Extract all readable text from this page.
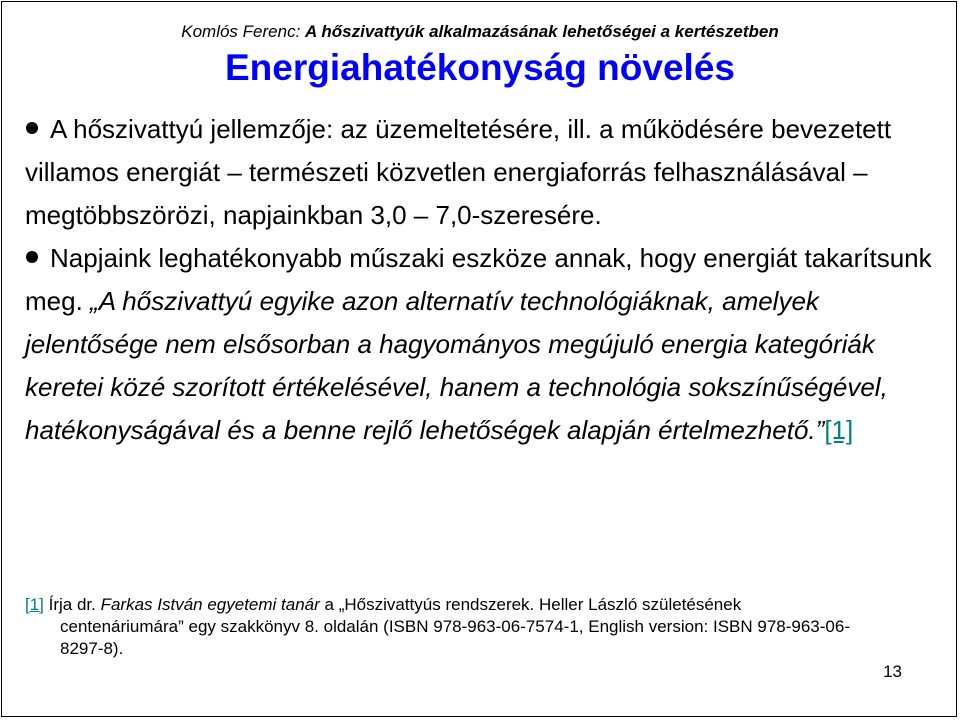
Komlós Ferenc: A hőszivattyúk alkalmazásának lehetőségei a kertészetben
Energiahatékonyság növelés

A hőszivattyú jellemzője: az üzemeltetésére, ill. a működésére bevezetett villamos energiát – természeti közvetlen energiaforrás felhasználásával – megtöbbszörözi, napjainkban 3,0 – 7,0-szeresére.

Napjaink leghatékonyabb műszaki eszköze annak, hogy energiát takarítsunk meg. „A hőszivattyú egyike azon alternatív technológiáknak, amelyek jelentősége nem elsősorban a hagyományos megújuló energia kategóriák keretei közé szorított értékelésével, hanem a technológia sokszínűségével, hatékonyságával és a benne rejlő lehetőségek alapján értelmezhető.”[1]

[1] Írja dr. Farkas István egyetemi tanár a „Hőszivattyús rendszerek. Heller László születésének
centenáriumára” egy szakkönyv 8. oldalán (ISBN 978-963-06-7574-1, English version: ISBN 978-963-06-
8297-8).
13
